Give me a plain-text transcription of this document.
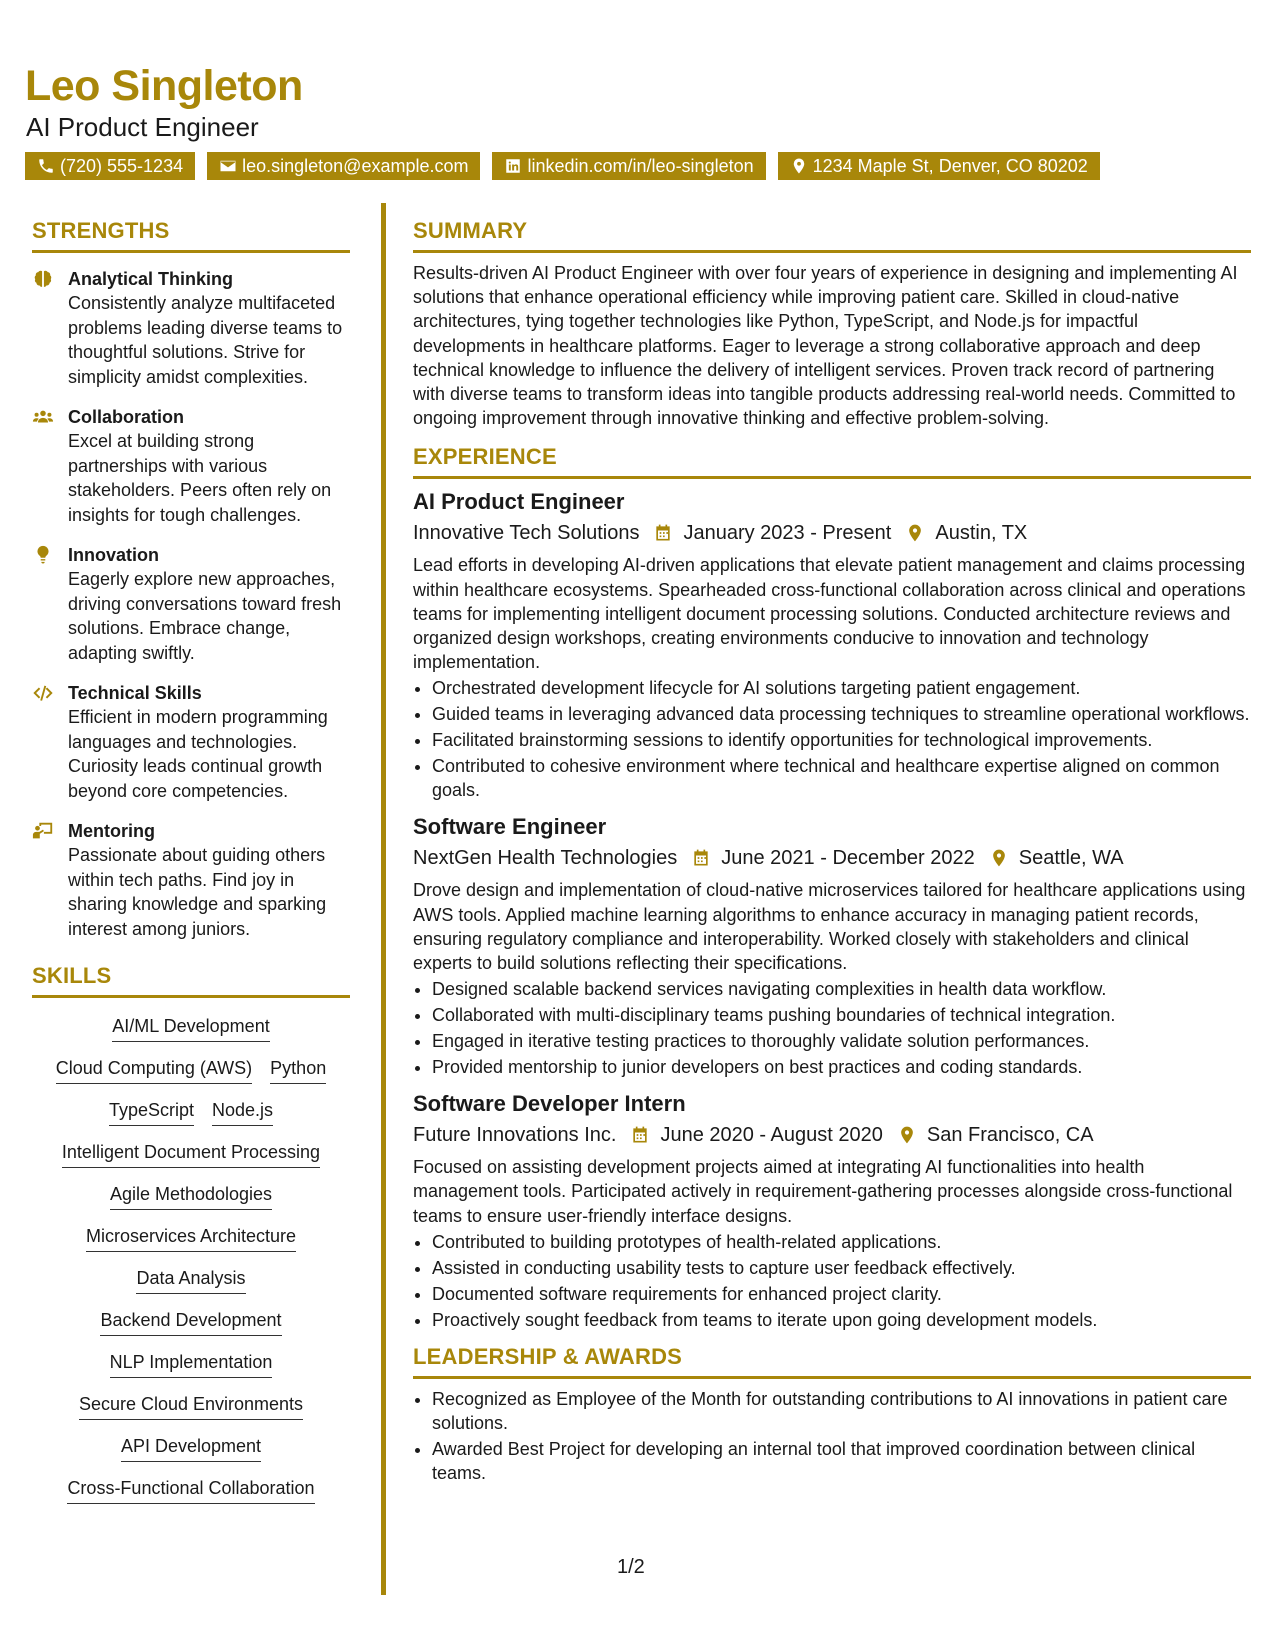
Leo Singleton
AI Product Engineer
(720) 555-1234	leo.singleton@example.com	linkedin.com/in/leo-singleton	1234 Maple St, Denver, CO 80202
STRENGTHS
Analytical Thinking
Consistently analyze multifaceted problems leading diverse teams to thoughtful solutions. Strive for simplicity amidst complexities.
Collaboration
Excel at building strong partnerships with various stakeholders. Peers often rely on insights for tough challenges.
Innovation
Eagerly explore new approaches, driving conversations toward fresh solutions. Embrace change, adapting swiftly.
Technical Skills
Efficient in modern programming languages and technologies. Curiosity leads continual growth beyond core competencies.
Mentoring
Passionate about guiding others within tech paths. Find joy in sharing knowledge and sparking interest among juniors.
SKILLS
AI/ML Development
Cloud Computing (AWS) Python
TypeScript Node.js
Intelligent Document Processing
Agile Methodologies
Microservices Architecture
Data Analysis
Backend Development
NLP Implementation
Secure Cloud Environments
API Development
Cross-Functional Collaboration
SUMMARY
Results-driven AI Product Engineer with over four years of experience in designing and implementing AI solutions that enhance operational efficiency while improving patient care. Skilled in cloud-native architectures, tying together technologies like Python, TypeScript, and Node.js for impactful developments in healthcare platforms. Eager to leverage a strong collaborative approach and deep technical knowledge to influence the delivery of intelligent services. Proven track record of partnering with diverse teams to transform ideas into tangible products addressing real-world needs. Committed to ongoing improvement through innovative thinking and effective problem-solving.
EXPERIENCE
AI Product Engineer
Innovative Tech Solutions January 2023 - Present Austin, TX
Lead efforts in developing AI-driven applications that elevate patient management and claims processing within healthcare ecosystems. Spearheaded cross-functional collaboration across clinical and operations teams for implementing intelligent document processing solutions. Conducted architecture reviews and organized design workshops, creating environments conducive to innovation and technology implementation.
• Orchestrated development lifecycle for AI solutions targeting patient engagement.
• Guided teams in leveraging advanced data processing techniques to streamline operational workflows.
• Facilitated brainstorming sessions to identify opportunities for technological improvements.
• Contributed to cohesive environment where technical and healthcare expertise aligned on common goals.
Software Engineer
NextGen Health Technologies June 2021 - December 2022 Seattle, WA
Drove design and implementation of cloud-native microservices tailored for healthcare applications using AWS tools. Applied machine learning algorithms to enhance accuracy in managing patient records, ensuring regulatory compliance and interoperability. Worked closely with stakeholders and clinical experts to build solutions reflecting their specifications.
• Designed scalable backend services navigating complexities in health data workflow.
• Collaborated with multi-disciplinary teams pushing boundaries of technical integration.
• Engaged in iterative testing practices to thoroughly validate solution performances.
• Provided mentorship to junior developers on best practices and coding standards.
Software Developer Intern
Future Innovations Inc. June 2020 - August 2020 San Francisco, CA
Focused on assisting development projects aimed at integrating AI functionalities into health management tools. Participated actively in requirement-gathering processes alongside cross-functional teams to ensure user-friendly interface designs.
• Contributed to building prototypes of health-related applications.
• Assisted in conducting usability tests to capture user feedback effectively.
• Documented software requirements for enhanced project clarity.
• Proactively sought feedback from teams to iterate upon going development models.
LEADERSHIP & AWARDS
• Recognized as Employee of the Month for outstanding contributions to AI innovations in patient care solutions.
• Awarded Best Project for developing an internal tool that improved coordination between clinical teams.
1/2
